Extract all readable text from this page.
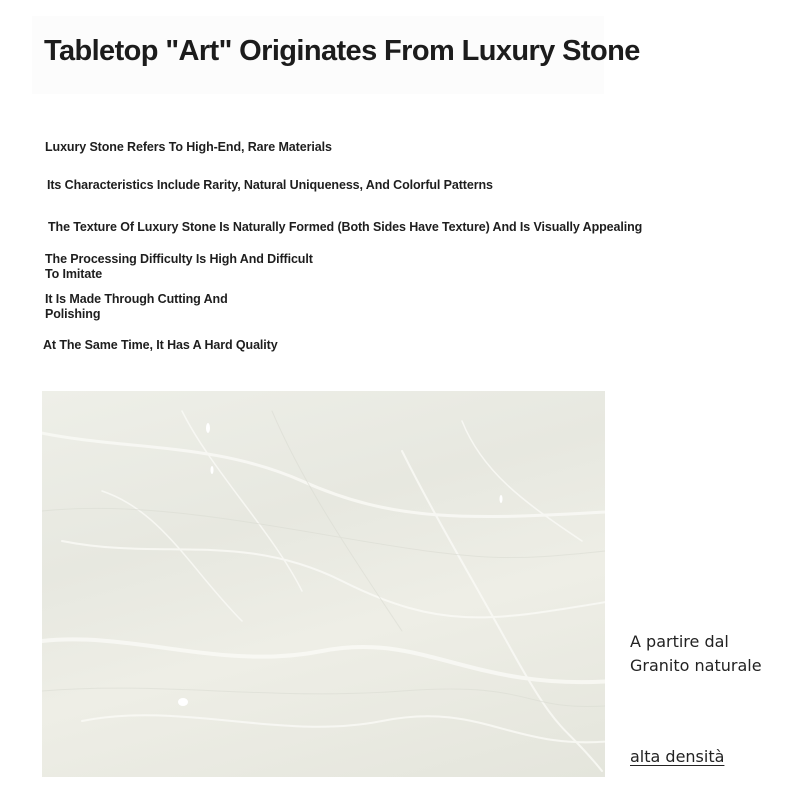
Tabletop "Art" Originates From Luxury Stone

Luxury Stone Refers To High-End, Rare Materials

Its Characteristics Include Rarity, Natural Uniqueness, And Colorful Patterns

The Texture Of Luxury Stone Is Naturally Formed (Both Sides Have Texture) And Is Visually Appealing

The Processing Difficulty Is High And Difficult To Imitate

It Is Made Through Cutting And Polishing

At The Same Time, It Has A Hard Quality

A partire dal Granito naturale

alta densità
